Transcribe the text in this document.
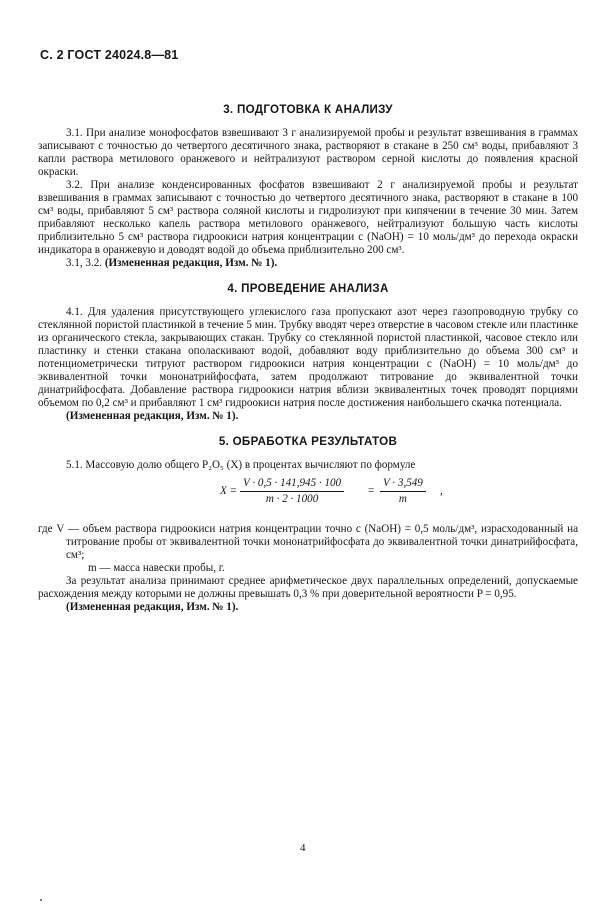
С. 2 ГОСТ 24024.8—81
3. ПОДГОТОВКА К АНАЛИЗУ

3.1. При анализе монофосфатов взвешивают 3 г анализируемой пробы и результат взвешивания в граммах записывают с точностью до четвертого десятичного знака, растворяют в стакане в 250 см³ воды, прибавляют 3 капли раствора метилового оранжевого и нейтрализуют раствором серной кислоты до появления красной окраски.

3.2. При анализе конденсированных фосфатов взвешивают 2 г анализируемой пробы и результат взвешивания в граммах записывают с точностью до четвертого десятичного знака, растворяют в стакане в 100 см³ воды, прибавляют 5 см³ раствора соляной кислоты и гидролизуют при кипячении в течение 30 мин. Затем прибавляют несколько капель раствора метилового оранжевого, нейтрализуют большую часть кислоты приблизительно 5 см³ раствора гидроокиси натрия концентрации c (NaOH) = 10 моль/дм³ до перехода окраски индикатора в оранжевую и доводят водой до объема приблизительно 200 см³.

3.1, 3.2. (Измененная редакция, Изм. № 1).

4. ПРОВЕДЕНИЕ АНАЛИЗА

4.1. Для удаления присутствующего углекислого газа пропускают азот через газопроводную трубку со стеклянной пористой пластинкой в течение 5 мин. Трубку вводят через отверстие в часовом стекле или пластинке из органического стекла, закрывающих стакан. Трубку со стеклянной пористой пластинкой, часовое стекло или пластинку и стенки стакана ополаскивают водой, добавляют воду приблизительно до объема 300 см³ и потенциометрически титруют раствором гидроокиси натрия концентрации c (NaOH) = 10 моль/дм³ до эквивалентной точки мононатрийфосфата, затем продолжают титрование до эквивалентной точки динатрийфосфата. Добавление раствора гидроокиси натрия вблизи эквивалентных точек проводят порциями объемом по 0,2 см³ и прибавляют 1 см³ гидроокиси натрия после достижения наибольшего скачка потенциала.

(Измененная редакция, Изм. № 1).

5. ОБРАБОТКА РЕЗУЛЬТАТОВ

5.1. Массовую долю общего P₂O₅ (X) в процентах вычисляют по формуле

$X = \frac{V \cdot 0,5 \cdot 141,945 \cdot 100}{m \cdot 2 \cdot 1000} = \frac{V \cdot 3,549}{m}$ ,

где V — объем раствора гидроокиси натрия концентрации точно c (NaOH) = 0,5 моль/дм³, израсходованный на титрование пробы от эквивалентной точки мононатрийфосфата до эквивалентной точки динатрийфосфата, см³;

m — масса навески пробы, г.

За результат анализа принимают среднее арифметическое двух параллельных определений, допускаемые расхождения между которыми не должны превышать 0,3 % при доверительной вероятности P = 0,95.

(Измененная редакция, Изм. № 1).

4
